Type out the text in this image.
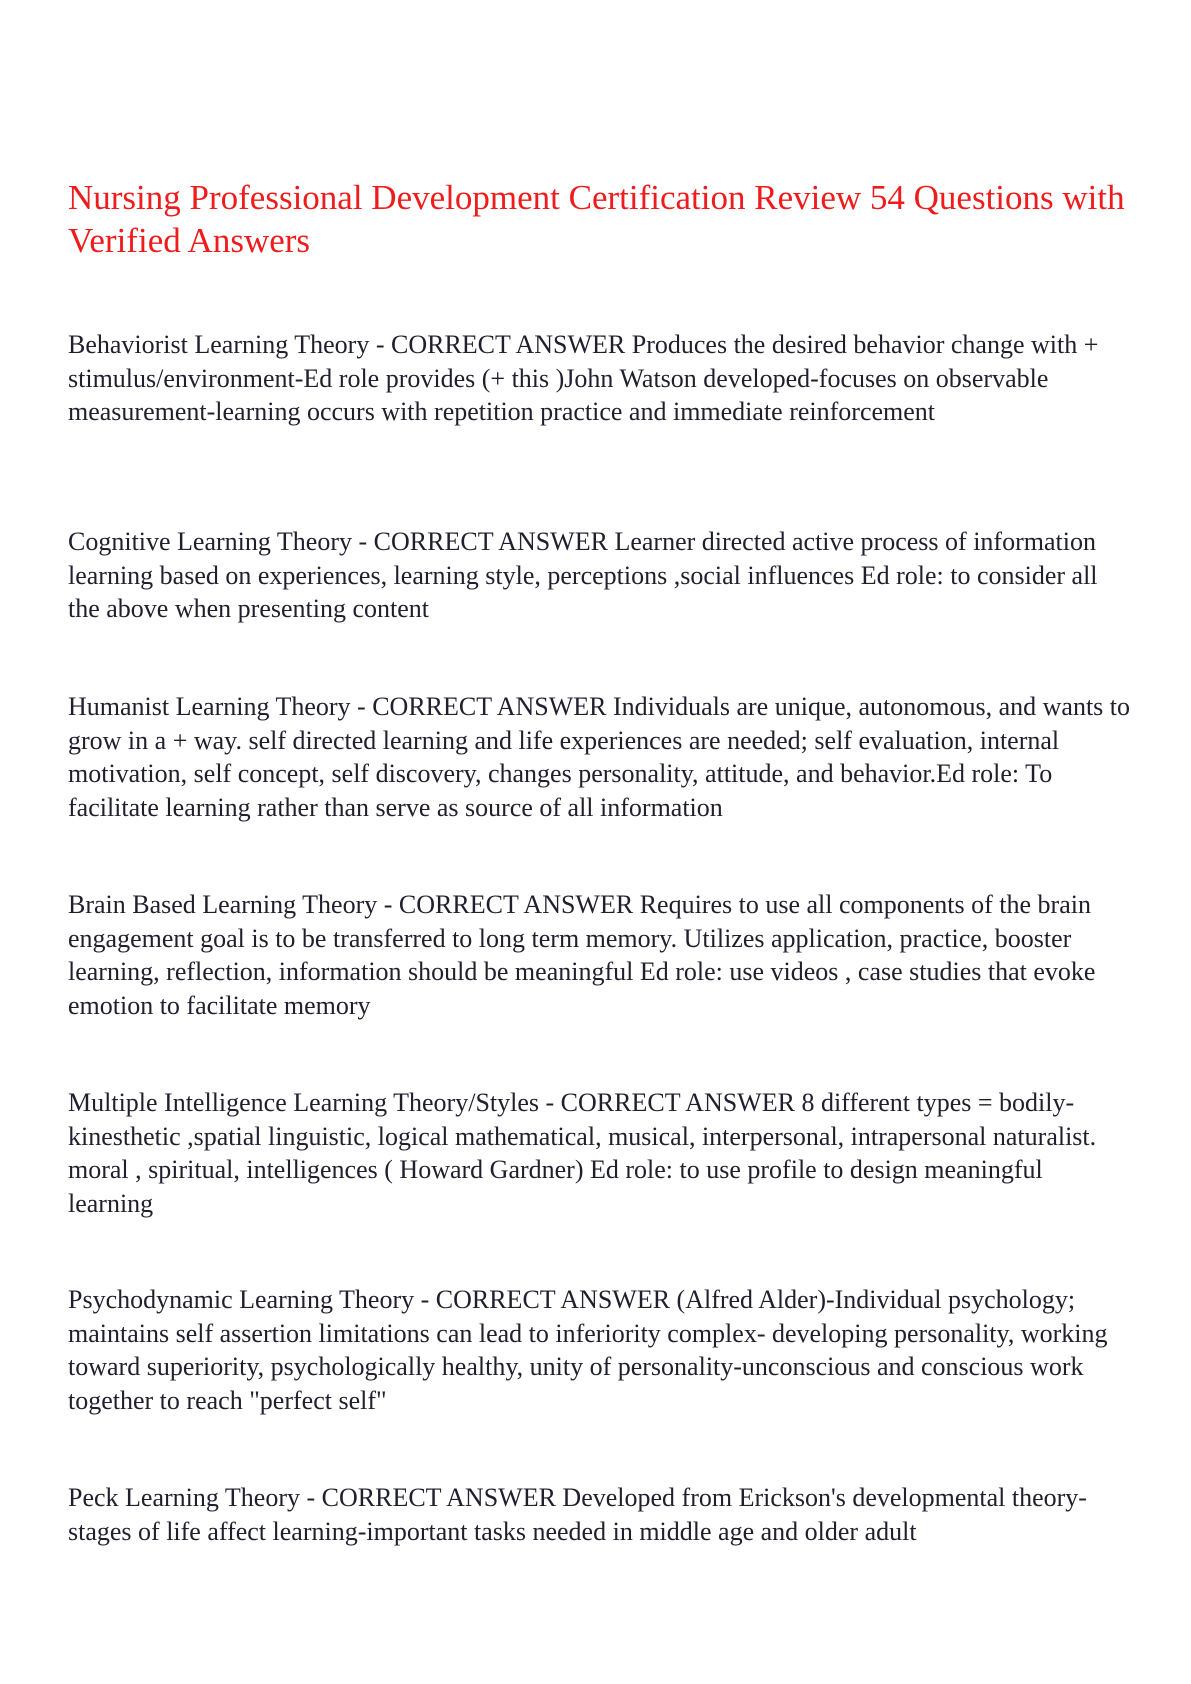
Nursing Professional Development Certification Review 54 Questions with Verified Answers

Behaviorist Learning Theory - CORRECT ANSWER Produces the desired behavior change with + stimulus/environment-Ed role provides (+ this )John Watson developed-focuses on observable measurement-learning occurs with repetition practice and immediate reinforcement

Cognitive Learning Theory - CORRECT ANSWER Learner directed active process of information learning based on experiences, learning style, perceptions ,social influences Ed role: to consider all the above when presenting content

Humanist Learning Theory - CORRECT ANSWER Individuals are unique, autonomous, and wants to grow in a + way. self directed learning and life experiences are needed; self evaluation, internal motivation, self concept, self discovery, changes personality, attitude, and behavior.Ed role: To facilitate learning rather than serve as source of all information

Brain Based Learning Theory - CORRECT ANSWER Requires to use all components of the brain engagement goal is to be transferred to long term memory. Utilizes application, practice, booster learning, reflection, information should be meaningful Ed role: use videos , case studies that evoke emotion to facilitate memory

Multiple Intelligence Learning Theory/Styles - CORRECT ANSWER 8 different types = bodily-kinesthetic ,spatial linguistic, logical mathematical, musical, interpersonal, intrapersonal naturalist. moral , spiritual, intelligences ( Howard Gardner) Ed role: to use profile to design meaningful learning

Psychodynamic Learning Theory - CORRECT ANSWER (Alfred Alder)-Individual psychology; maintains self assertion limitations can lead to inferiority complex- developing personality, working toward superiority, psychologically healthy, unity of personality-unconscious and conscious work together to reach "perfect self"

Peck Learning Theory - CORRECT ANSWER Developed from Erickson's developmental theory-stages of life affect learning-important tasks needed in middle age and older adult
